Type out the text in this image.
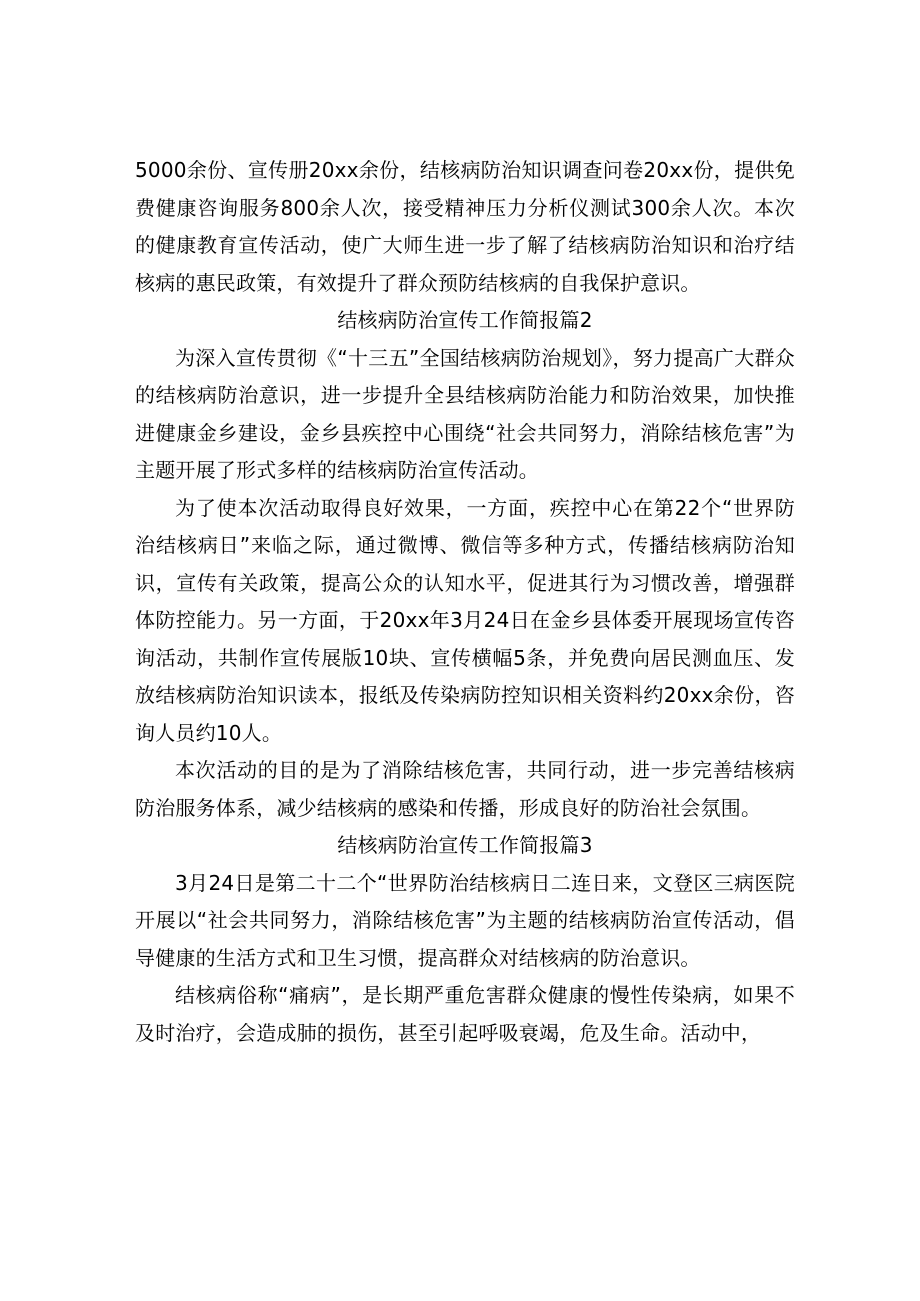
5000余份、宣传册20xx余份，结核病防治知识调查问卷20xx份，提供免费健康咨询服务800余人次，接受精神压力分析仪测试300余人次。本次的健康教育宣传活动，使广大师生进一步了解了结核病防治知识和治疗结核病的惠民政策，有效提升了群众预防结核病的自我保护意识。

结核病防治宣传工作简报篇2

为深入宣传贯彻《“十三五”全国结核病防治规划》，努力提高广大群众的结核病防治意识，进一步提升全县结核病防治能力和防治效果，加快推进健康金乡建设，金乡县疾控中心围绕“社会共同努力，消除结核危害”为主题开展了形式多样的结核病防治宣传活动。

为了使本次活动取得良好效果，一方面，疾控中心在第22个“世界防治结核病日”来临之际，通过微博、微信等多种方式，传播结核病防治知识，宣传有关政策，提高公众的认知水平，促进其行为习惯改善，增强群体防控能力。另一方面，于20xx年3月24日在金乡县体委开展现场宣传咨询活动，共制作宣传展版10块、宣传横幅5条，并免费向居民测血压、发放结核病防治知识读本，报纸及传染病防控知识相关资料约20xx余份，咨询人员约10人。

本次活动的目的是为了消除结核危害，共同行动，进一步完善结核病防治服务体系，减少结核病的感染和传播，形成良好的防治社会氛围。

结核病防治宣传工作简报篇3

3月24日是第二十二个“世界防治结核病日二连日来，文登区三病医院开展以“社会共同努力，消除结核危害”为主题的结核病防治宣传活动，倡导健康的生活方式和卫生习惯，提高群众对结核病的防治意识。

结核病俗称“痛病”，是长期严重危害群众健康的慢性传染病，如果不及时治疗，会造成肺的损伤，甚至引起呼吸衰竭，危及生命。活动中，
